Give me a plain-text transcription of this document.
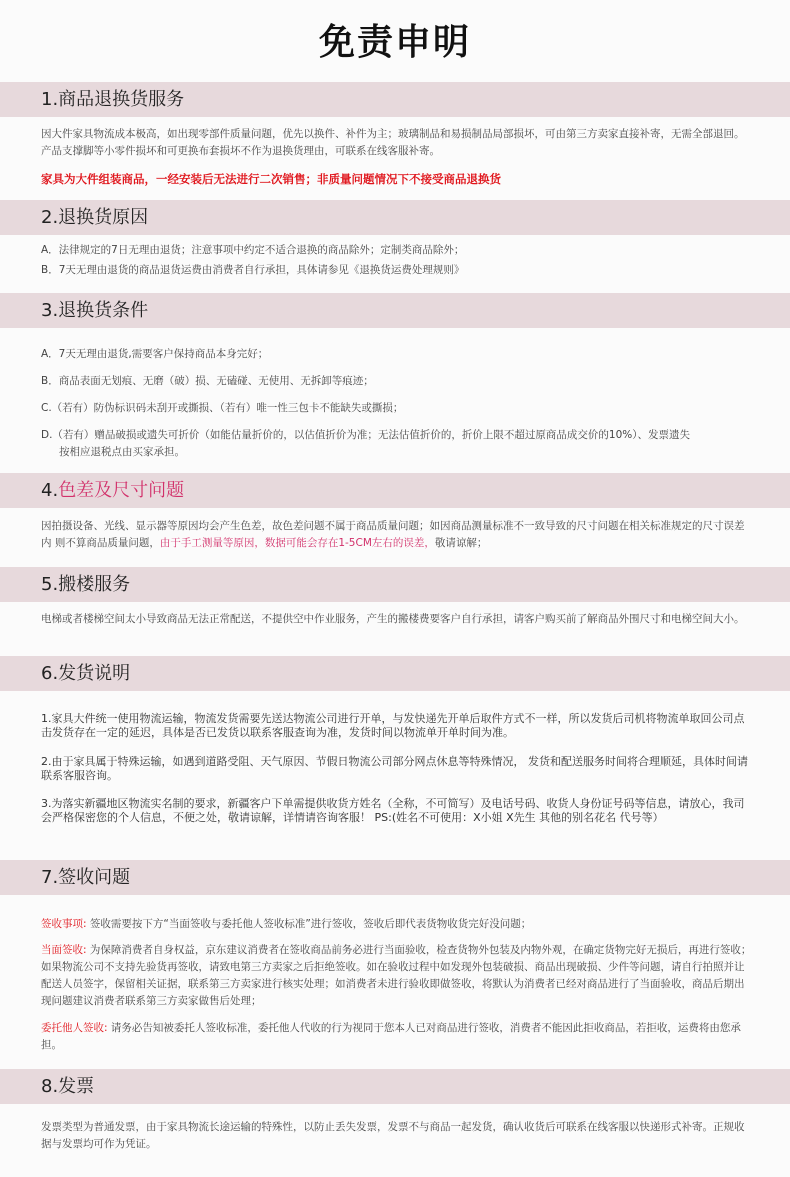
免责申明
1.商品退换货服务

因大件家具物流成本极高，如出现零部件质量问题，优先以换件、补件为主；玻璃制品和易损制品局部损坏，可由第三方卖家直接补寄，无需全部退回。产品支撑脚等小零件损坏和可更换布套损坏不作为退换货理由，可联系在线客服补寄。

家具为大件组装商品，一经安装后无法进行二次销售；非质量问题情况下不接受商品退换货

2.退换货原因

A．法律规定的7日无理由退货；注意事项中约定不适合退换的商品除外；定制类商品除外；

B．7天无理由退货的商品退货运费由消费者自行承担，具体请参见《退换货运费处理规则》

3.退换货条件

A．7天无理由退货,需要客户保持商品本身完好；

B．商品表面无划痕、无磨（破）损、无磕碰、无使用、无拆卸等痕迹；

C.（若有）防伪标识码未刮开或撕损、（若有）唯一性三包卡不能缺失或撕损；

D.（若有）赠品破损或遗失可折价（如能估量折价的，以估值折价为准；无法估值折价的，折价上限不超过原商品成交价的10%）、发票遗失

按相应退税点由买家承担。

4.色差及尺寸问题

因拍摄设备、光线、显示器等原因均会产生色差，故色差问题不属于商品质量问题；如因商品测量标准不一致导致的尺寸问题在相关标准规定的尺寸误差内 则不算商品质量问题，由于手工测量等原因，数据可能会存在1-5CM左右的误差，敬请谅解；

5.搬楼服务

电梯或者楼梯空间太小导致商品无法正常配送，不提供空中作业服务，产生的搬楼费要客户自行承担，请客户购买前了解商品外围尺寸和电梯空间大小。

6.发货说明

1.家具大件统一使用物流运输，物流发货需要先送达物流公司进行开单，与发快递先开单后取件方式不一样，所以发货后司机将物流单取回公司点击发货存在一定的延迟，具体是否已发货以联系客服查询为准，发货时间以物流单开单时间为准。

2.由于家具属于特殊运输，如遇到道路受阻、天气原因、节假日物流公司部分网点休息等特殊情况， 发货和配送服务时间将合理顺延，具体时间请联系客服咨询。

3.为落实新疆地区物流实名制的要求，新疆客户下单需提供收货方姓名（全称，不可简写）及电话号码、收货人身份证号码等信息，请放心，我司会严格保密您的个人信息，不便之处，敬请谅解，详情请咨询客服！ PS:(姓名不可使用：X小姐 X先生 其他的别名花名 代号等）

7.签收问题

签收事项: 签收需要按下方“当面签收与委托他人签收标准”进行签收，签收后即代表货物收货完好没问题；

当面签收: 为保障消费者自身权益，京东建议消费者在签收商品前务必进行当面验收，检查货物外包装及内物外观，在确定货物完好无损后，再进行签收；如果物流公司不支持先验货再签收，请致电第三方卖家之后拒绝签收。如在验收过程中如发现外包装破损、商品出现破损、少件等问题，请自行拍照并让配送人员签字，保留相关证据，联系第三方卖家进行核实处理；如消费者未进行验收即做签收，将默认为消费者已经对商品进行了当面验收，商品后期出现问题建议消费者联系第三方卖家做售后处理；

委托他人签收: 请务必告知被委托人签收标准，委托他人代收的行为视同于您本人已对商品进行签收，消费者不能因此拒收商品，若拒收，运费将由您承担。

8.发票

发票类型为普通发票，由于家具物流长途运输的特殊性，以防止丢失发票，发票不与商品一起发货，确认收货后可联系在线客服以快递形式补寄。正规收据与发票均可作为凭证。
